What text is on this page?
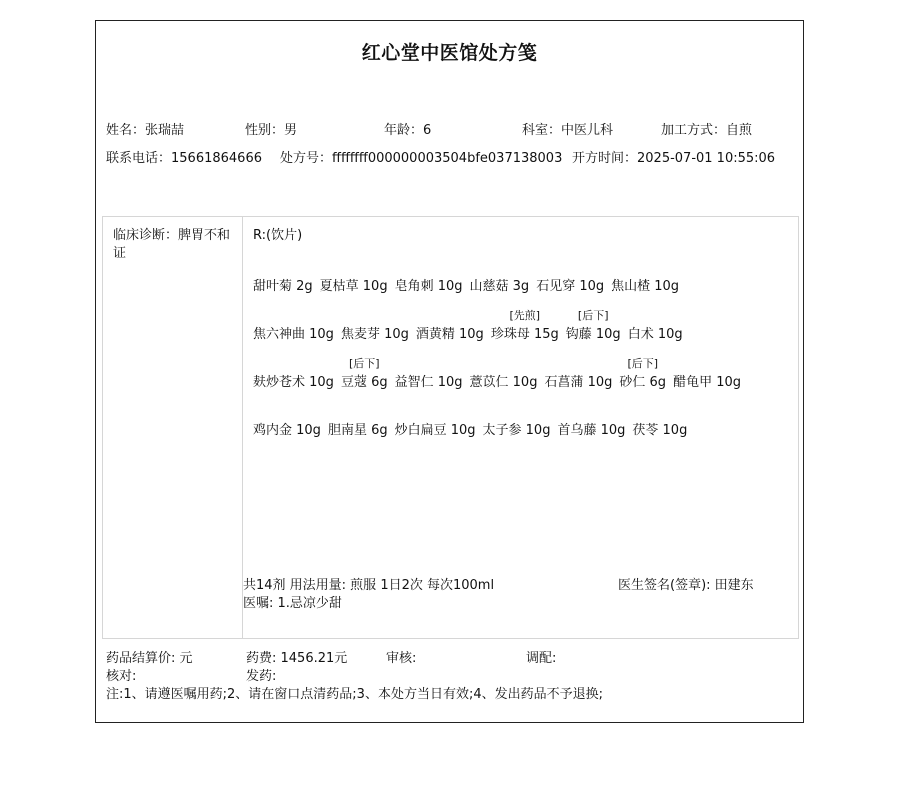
红心堂中医馆处方笺
姓名：张瑞喆	性别：男	年龄：6	科室：中医儿科	加工方式：自煎
联系电话：15661864666 处方号：ffffffff000000003504bfe037138003 开方时间：2025-07-01 10:55:06
临床诊断：脾胃不和证
R:(饮片)
甜叶菊 2g 夏枯草 10g 皂角刺 10g 山慈菇 3g 石见穿 10g 焦山楂 10g
焦六神曲 10g 焦麦芽 10g 酒黄精 10g
[先煎]
珍珠母 15g
[后下]
钩藤 10g 白术 10g
麸炒苍术 10g
[后下]
豆蔻 6g 益智仁 10g 薏苡仁 10g 石菖蒲 10g
[后下]
砂仁 6g 醋龟甲 10g
鸡内金 10g 胆南星 6g 炒白扁豆 10g 太子参 10g 首乌藤 10g 茯苓 10g
共14剂 用法用量: 煎服 1日2次 每次100ml	医生签名(签章): 田建东
医嘱: 1.忌凉少甜
药品结算价: 元	药费: 1456.21元	审核:	调配:
核对:	发药:
注:1、请遵医嘱用药;2、请在窗口点清药品;3、本处方当日有效;4、发出药品不予退换;
